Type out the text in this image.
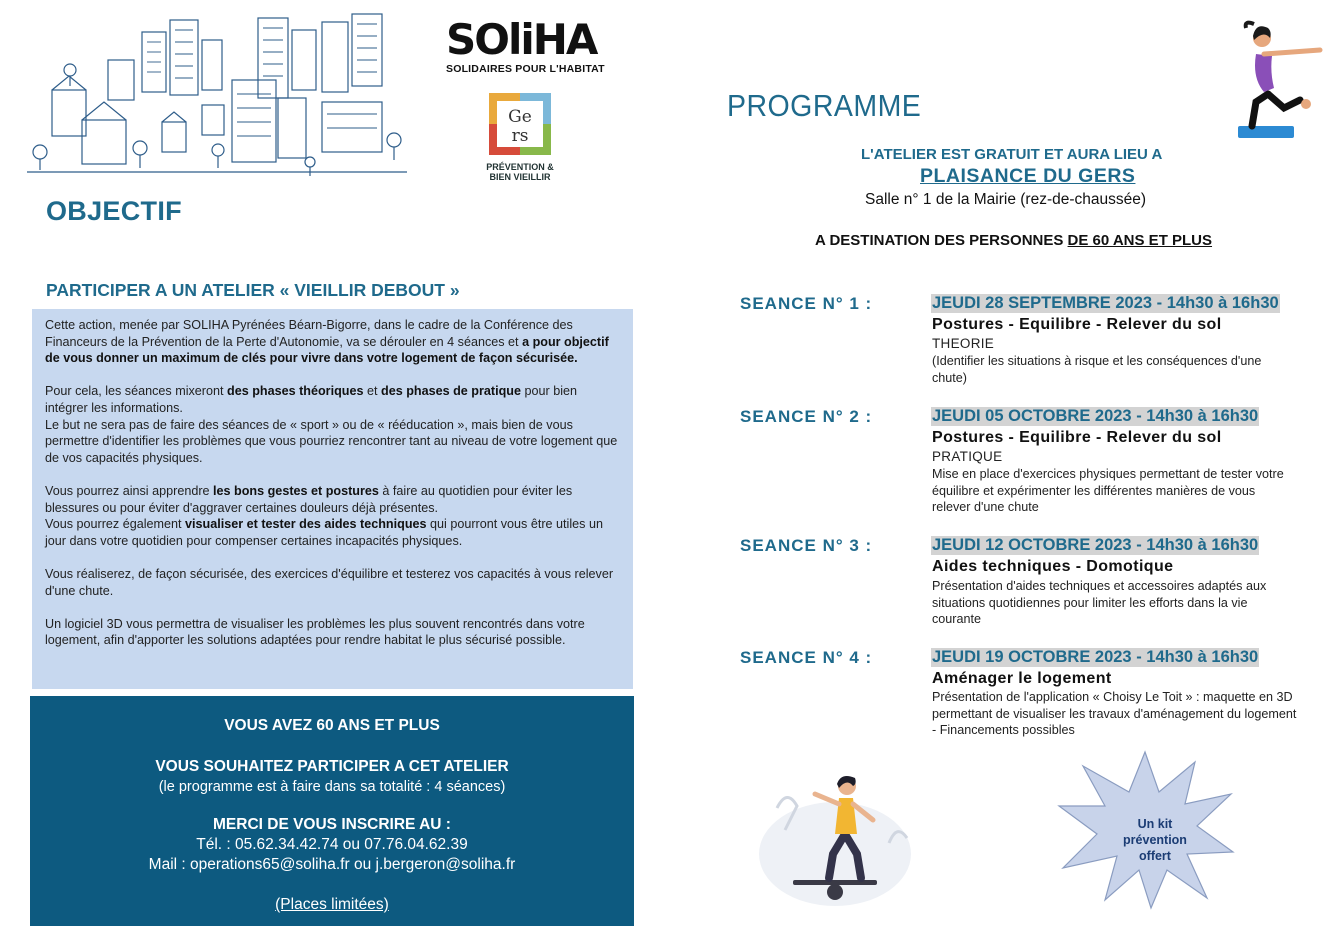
SOliHA
SOLIDAIRES POUR L'HABITAT
Ge
rs
PRÉVENTION & BIEN VIEILLIR
OBJECTIF
PARTICIPER A UN ATELIER « VIEILLIR DEBOUT »

Cette action, menée par SOLIHA Pyrénées Béarn-Bigorre, dans le cadre de la Conférence des Financeurs de la Prévention de la Perte d'Autonomie, va se dérouler en 4 séances et a pour objectif de vous donner un maximum de clés pour vivre dans votre logement de façon sécurisée.

Pour cela, les séances mixeront des phases théoriques et des phases de pratique pour bien intégrer les informations.

Le but ne sera pas de faire des séances de « sport » ou de « rééducation », mais bien de vous permettre d'identifier les problèmes que vous pourriez rencontrer tant au niveau de votre logement que de vos capacités physiques.

Vous pourrez ainsi apprendre les bons gestes et postures à faire au quotidien pour éviter les blessures ou pour éviter d'aggraver certaines douleurs déjà présentes.

Vous pourrez également visualiser et tester des aides techniques qui pourront vous être utiles un jour dans votre quotidien pour compenser certaines incapacités physiques.

Vous réaliserez, de façon sécurisée, des exercices d'équilibre et testerez vos capacités à vous relever d'une chute.

Un logiciel 3D vous permettra de visualiser les problèmes les plus souvent rencontrés dans votre logement, afin d'apporter les solutions adaptées pour rendre habitat le plus sécurisé possible.

VOUS AVEZ 60 ANS ET PLUS
VOUS SOUHAITEZ PARTICIPER A CET ATELIER
(le programme est à faire dans sa totalité : 4 séances)
MERCI DE VOUS INSCRIRE AU :
Tél. : 05.62.34.42.74 ou 07.76.04.62.39
Mail : operations65@soliha.fr ou j.bergeron@soliha.fr
(Places limitées)
PROGRAMME
L'ATELIER EST GRATUIT ET AURA LIEU A
PLAISANCE DU GERS
Salle n° 1 de la Mairie (rez-de-chaussée)
A DESTINATION DES PERSONNES DE 60 ANS ET PLUS
SEANCE N° 1 :	JEUDI 28 SEPTEMBRE 2023 - 14h30 à 16h30
Postures - Equilibre - Relever du sol
THEORIE
(Identifier les situations à risque et les conséquences d'une chute)
SEANCE N° 2 :	JEUDI 05 OCTOBRE 2023 - 14h30 à 16h30
Postures - Equilibre - Relever du sol
PRATIQUE
Mise en place d'exercices physiques permettant de tester votre équilibre et expérimenter les différentes manières de vous relever d'une chute
SEANCE N° 3 :	JEUDI 12 OCTOBRE 2023 - 14h30 à 16h30
Aides techniques - Domotique
Présentation d'aides techniques et accessoires adaptés aux situations quotidiennes pour limiter les efforts dans la vie courante
SEANCE N° 4 :	JEUDI 19 OCTOBRE 2023 - 14h30 à 16h30
Aménager le logement
Présentation de l'application « Choisy Le Toit » : maquette en 3D permettant de visualiser les travaux d'aménagement du logement - Financements possibles
Un kit
prévention
offert
